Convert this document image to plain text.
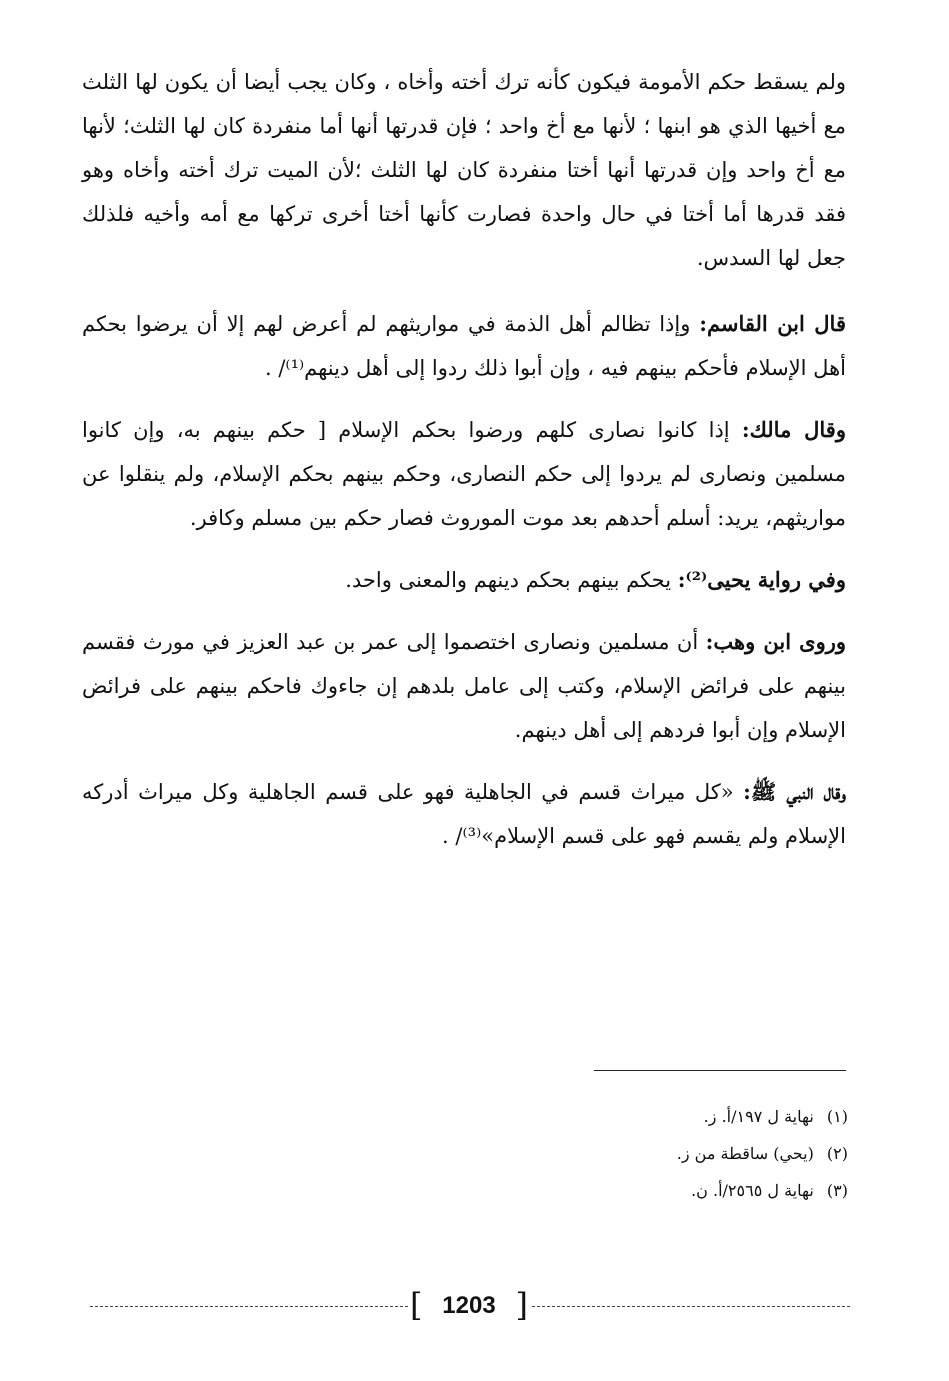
ولم يسقط حكم الأمومة فيكون كأنه ترك أخته وأخاه ، وكان يجب أيضا أن يكون لها الثلث مع أخيها الذي هو ابنها ؛ لأنها مع أخ واحد ؛ فإن قدرتها أنها أما منفردة كان لها الثلث؛ لأنها مع أخ واحد وإن قدرتها أنها أختا منفردة كان لها الثلث ؛لأن الميت ترك أخته وأخاه وهو فقد قدرها أما أختا في حال واحدة فصارت كأنها أختا أخرى تركها مع أمه وأخيه فلذلك جعل لها السدس.

قال ابن القاسم: وإذا تظالم أهل الذمة في مواريثهم لم أعرض لهم إلا أن يرضوا بحكم أهل الإسلام فأحكم بينهم فيه ، وإن أبوا ذلك ردوا إلى أهل دينهم⁽¹⁾/ .

وقال مالك: إذا كانوا نصارى كلهم ورضوا بحكم الإسلام [ حكم بينهم به، وإن كانوا مسلمين ونصارى لم يردوا إلى حكم النصارى، وحكم بينهم بحكم الإسلام، ولم ينقلوا عن مواريثهم، يريد: أسلم أحدهم بعد موت الموروث فصار حكم بين مسلم وكافر.

وفي رواية يحيى⁽²⁾: يحكم بينهم بحكم دينهم والمعنى واحد.

وروى ابن وهب: أن مسلمين ونصارى اختصموا إلى عمر بن عبد العزيز في مورث فقسم بينهم على فرائض الإسلام، وكتب إلى عامل بلدهم إن جاءوك فاحكم بينهم على فرائض الإسلام وإن أبوا فردهم إلى أهل دينهم.

وقال النبي ﷺ: «كل ميراث قسم في الجاهلية فهو على قسم الجاهلية وكل ميراث أدركه الإسلام ولم يقسم فهو على قسم الإسلام»⁽³⁾/ .

(١) نهاية ل ١٩٧/أ. ز.
(٢) (يحي) ساقطة من ز.
(٣) نهاية ل ٢٥٦٥/أ. ن.
[ 1203 ]
